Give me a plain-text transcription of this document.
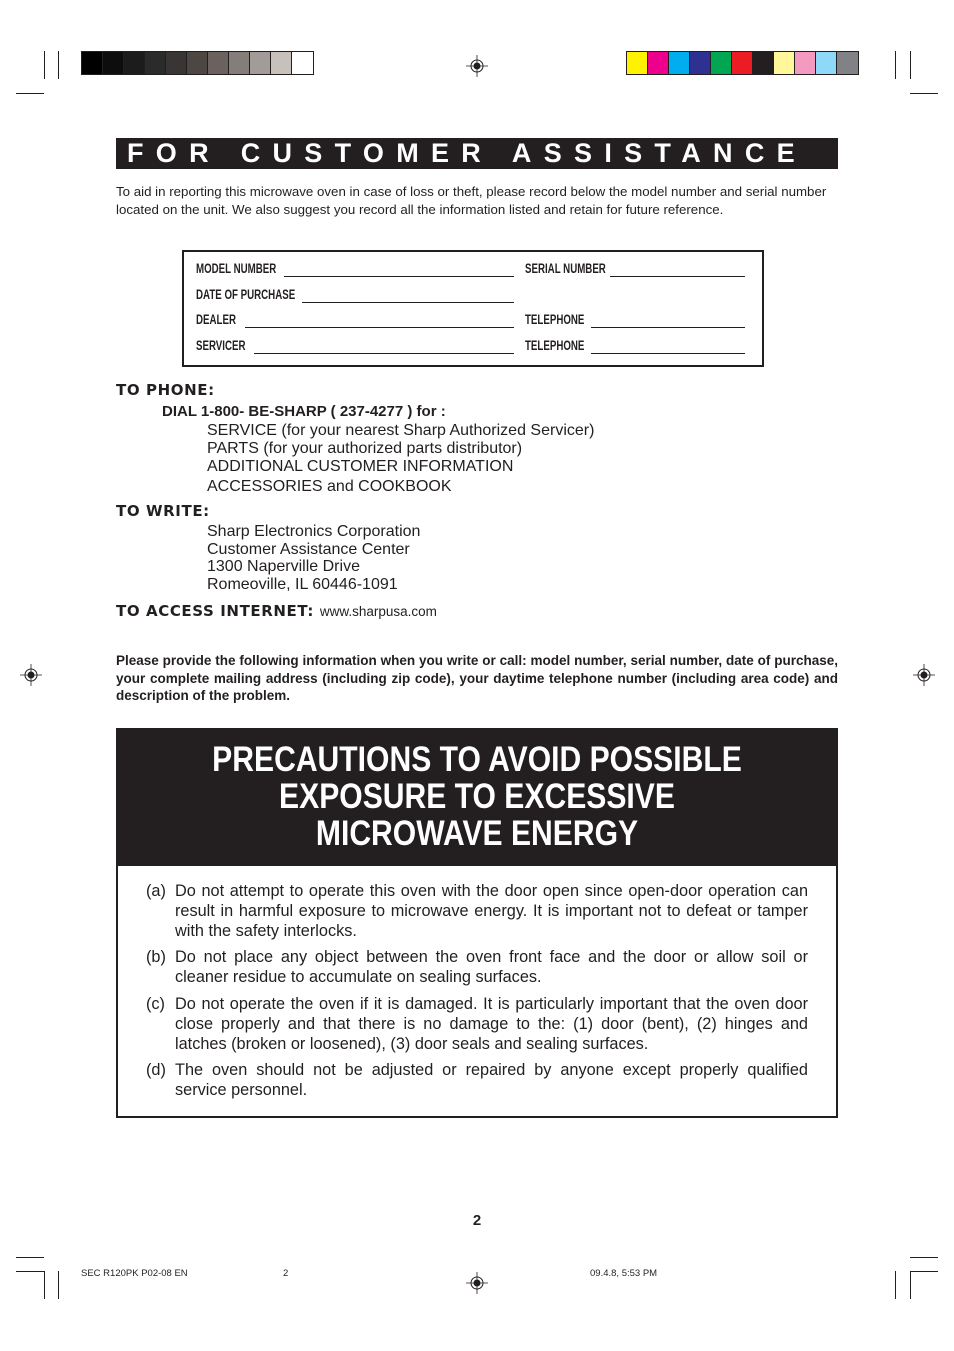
FOR CUSTOMER ASSISTANCE
To aid in reporting this microwave oven in case of loss or theft, please record below the model number and serial number located on the unit. We also suggest you record all the information listed and retain for future reference.
MODEL NUMBER	SERIAL NUMBER
DATE OF PURCHASE
DEALER	TELEPHONE
SERVICER	TELEPHONE
TO PHONE:
DIAL 1-800- BE-SHARP ( 237-4277 ) for :
SERVICE (for your nearest Sharp Authorized Servicer)
PARTS (for your authorized parts distributor)
ADDITIONAL CUSTOMER INFORMATION
ACCESSORIES and COOKBOOK
TO WRITE:
Sharp Electronics Corporation
Customer Assistance Center
1300 Naperville Drive
Romeoville, IL 60446-1091
TO ACCESS INTERNET: www.sharpusa.com
Please provide the following information when you write or call: model number, serial number, date of purchase, your complete mailing address (including zip code), your daytime telephone number (including area code) and description of the problem.
PRECAUTIONS TO AVOID POSSIBLE
EXPOSURE TO EXCESSIVE
MICROWAVE ENERGY
(a) Do not attempt to operate this oven with the door open since open-door operation can result in harmful exposure to microwave energy. It is important not to defeat or tamper with the safety interlocks.
(b) Do not place any object between the oven front face and the door or allow soil or cleaner residue to accumulate on sealing surfaces.
(c) Do not operate the oven if it is damaged. It is particularly important that the oven door close properly and that there is no damage to the: (1) door (bent), (2) hinges and latches (broken or loosened), (3) door seals and sealing surfaces.
(d) The oven should not be adjusted or repaired by anyone except properly qualified service personnel.
2
SEC R120PK P02-08 EN	2	09.4.8, 5:53 PM
